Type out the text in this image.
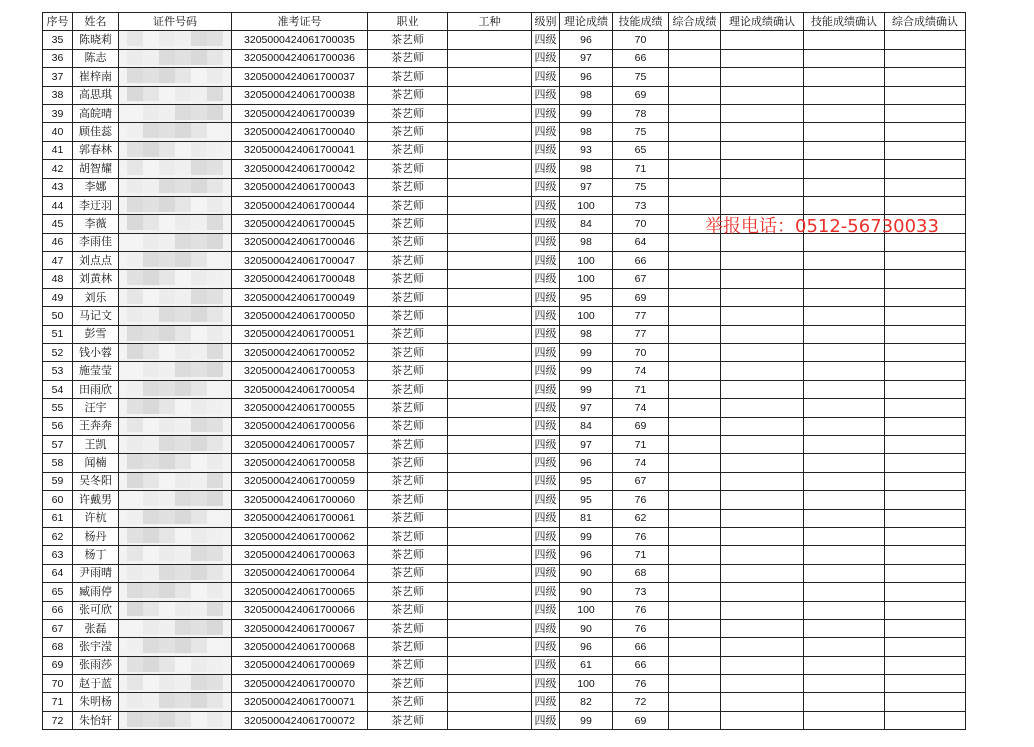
序号	姓名	证件号码	准考证号	职业	工种	级别	理论成绩	技能成绩	综合成绩	理论成绩确认	技能成绩确认	综合成绩确认
35	陈晓莉		3205000424061700035	茶艺师		四级	96	70				
36	陈志		3205000424061700036	茶艺师		四级	97	66				
37	崔梓南		3205000424061700037	茶艺师		四级	96	75				
38	高思琪		3205000424061700038	茶艺师		四级	98	69				
39	高皖晴		3205000424061700039	茶艺师		四级	99	78				
40	顾佳蕊		3205000424061700040	茶艺师		四级	98	75				
41	郭春林		3205000424061700041	茶艺师		四级	93	65				
42	胡智耀		3205000424061700042	茶艺师		四级	98	71				
43	李娜		3205000424061700043	茶艺师		四级	97	75				
44	李迂羽		3205000424061700044	茶艺师		四级	100	73				
45	李薇		3205000424061700045	茶艺师		四级	84	70				
46	李雨佳		3205000424061700046	茶艺师		四级	98	64				
47	刘点点		3205000424061700047	茶艺师		四级	100	66				
48	刘黄林		3205000424061700048	茶艺师		四级	100	67				
49	刘乐		3205000424061700049	茶艺师		四级	95	69				
50	马记文		3205000424061700050	茶艺师		四级	100	77				
51	彭雪		3205000424061700051	茶艺师		四级	98	77				
52	钱小蓉		3205000424061700052	茶艺师		四级	99	70				
53	施莹莹		3205000424061700053	茶艺师		四级	99	74				
54	田雨欣		3205000424061700054	茶艺师		四级	99	71				
55	汪宇		3205000424061700055	茶艺师		四级	97	74				
56	王奔奔		3205000424061700056	茶艺师		四级	84	69				
57	王凯		3205000424061700057	茶艺师		四级	97	71				
58	闻楠		3205000424061700058	茶艺师		四级	96	74				
59	吴冬阳		3205000424061700059	茶艺师		四级	95	67				
60	许戴男		3205000424061700060	茶艺师		四级	95	76				
61	许杭		3205000424061700061	茶艺师		四级	81	62				
62	杨丹		3205000424061700062	茶艺师		四级	99	76				
63	杨丁		3205000424061700063	茶艺师		四级	96	71				
64	尹雨晴		3205000424061700064	茶艺师		四级	90	68				
65	臧雨停		3205000424061700065	茶艺师		四级	90	73				
66	张可欣		3205000424061700066	茶艺师		四级	100	76				
67	张磊		3205000424061700067	茶艺师		四级	90	76				
68	张宇滢		3205000424061700068	茶艺师		四级	96	66				
69	张雨莎		3205000424061700069	茶艺师		四级	61	66				
70	赵于蓝		3205000424061700070	茶艺师		四级	100	76				
71	朱明杨		3205000424061700071	茶艺师		四级	82	72				
72	朱怡轩		3205000424061700072	茶艺师		四级	99	69				
举报电话：0512-56730033
